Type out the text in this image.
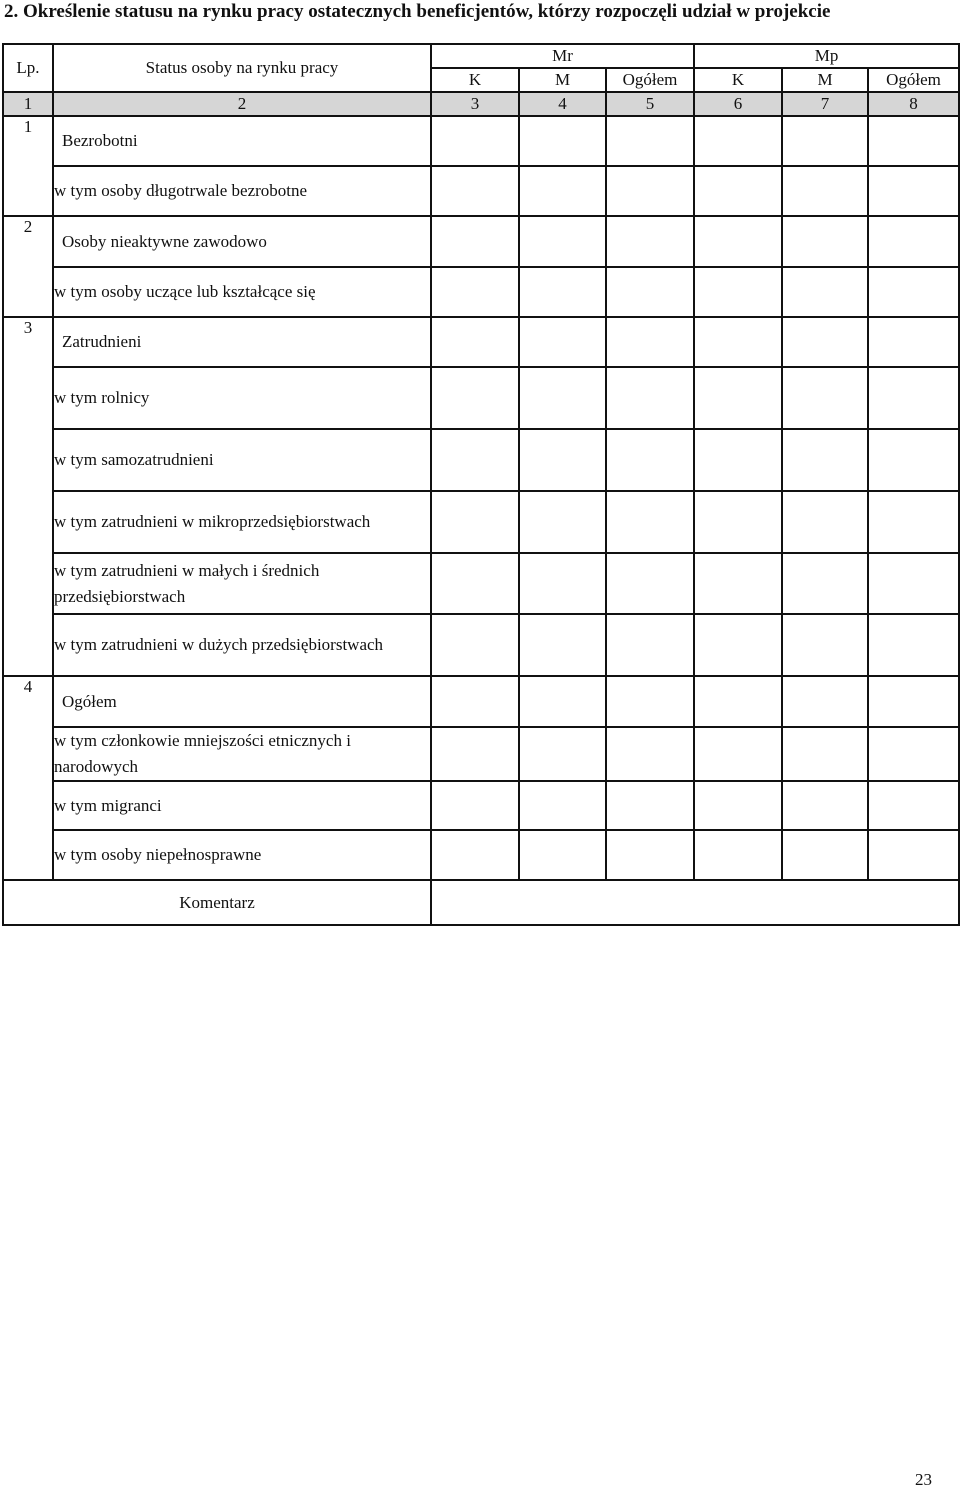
2. Określenie statusu na rynku pracy ostatecznych beneficjentów, którzy rozpoczęli udział w projekcie
Lp.	Status osoby na rynku pracy	Mr			Mp		
		K	M	Ogółem	K	M	Ogółem
1	2	3	4	5	6	7	8
1	Bezrobotni						
	w tym osoby długotrwale bezrobotne						
2	Osoby nieaktywne zawodowo						
	w tym osoby uczące lub kształcące się						
3	Zatrudnieni						
	w tym rolnicy						
	w tym samozatrudnieni						
	w tym zatrudnieni w mikroprzedsiębiorstwach						
	w tym zatrudnieni w małych i średnich przedsiębiorstwach						
	w tym zatrudnieni w dużych przedsiębiorstwach						
4	Ogółem						
	w tym członkowie mniejszości etnicznych i narodowych						
	w tym migranci						
	w tym osoby niepełnosprawne						
Komentarz							
23
